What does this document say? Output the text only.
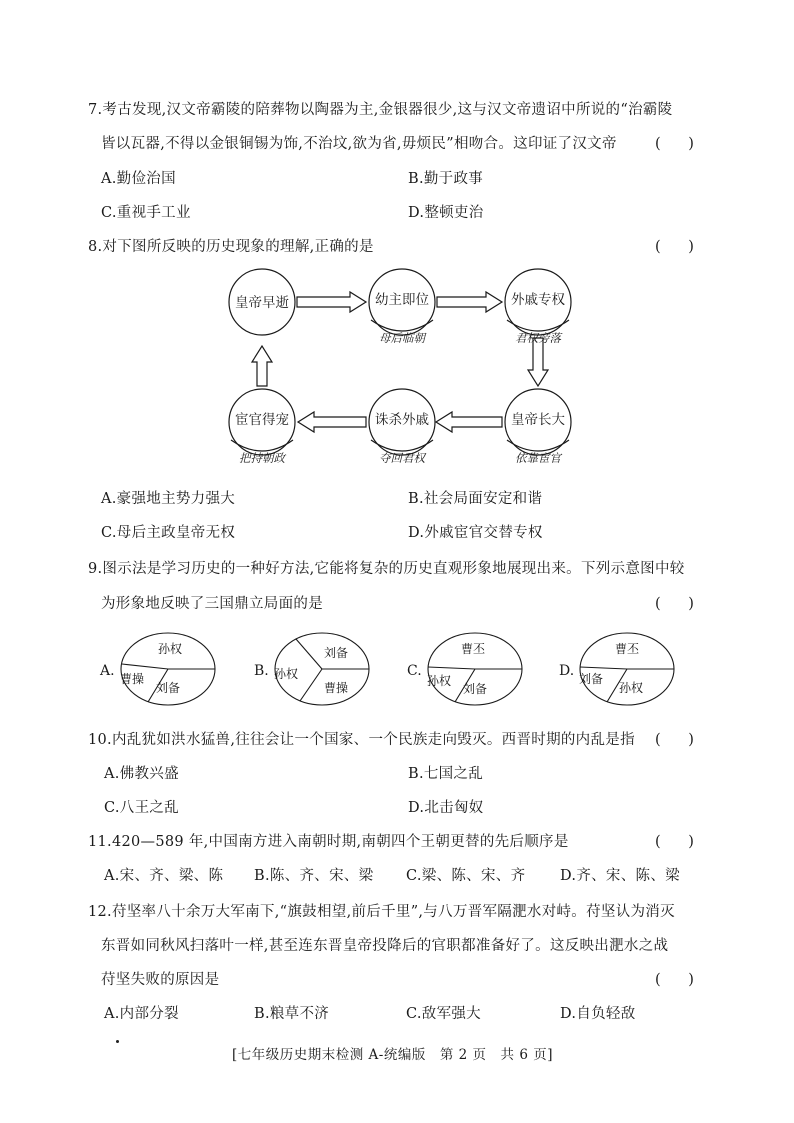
7.考古发现,汉文帝霸陵的陪葬物以陶器为主,金银器很少,这与汉文帝遗诏中所说的“治霸陵
皆以瓦器,不得以金银铜锡为饰,不治坟,欲为省,毋烦民”相吻合。这印证了汉文帝	(      )
A.勤俭治国	B.勤于政事
C.重视手工业	D.整顿吏治
8.对下图所反映的历史现象的理解,正确的是	(      )
皇帝早逝	幼主即位	外戚专权
皇帝长大
诛杀外戚
宦官得宠
母后临朝	君权旁落
依靠宦官
夺回君权
把持朝政
A.豪强地主势力强大	B.社会局面安定和谐
C.母后主政皇帝无权	D.外戚宦官交替专权
9.图示法是学习历史的一种好方法,它能将复杂的历史直观形象地展现出来。下列示意图中较
为形象地反映了三国鼎立局面的是	(      )
A.
孙权
曹操
刘备
B.
刘备
孙权
曹操
C.
曹丕
孙权
刘备
D.
曹丕
刘备
孙权
10.内乱犹如洪水猛兽,往往会让一个国家、一个民族走向毁灭。西晋时期的内乱是指 (      )
A.佛教兴盛	B.七国之乱
C.八王之乱	D.北击匈奴
11.420—589 年,中国南方进入南朝时期,南朝四个王朝更替的先后顺序是	(      )
A.宋、齐、梁、陈 B.陈、齐、宋、梁 C.梁、陈、宋、齐 D.齐、宋、陈、梁
12.苻坚率八十余万大军南下,“旗鼓相望,前后千里”,与八万晋军隔淝水对峙。苻坚认为消灭
东晋如同秋风扫落叶一样,甚至连东晋皇帝投降后的官职都准备好了。这反映出淝水之战
苻坚失败的原因是	(      )
A.内部分裂	B.粮草不济	C.敌军强大	D.自负轻敌
[七年级历史期末检测 A-统编版　第 2 页　共 6 页]
